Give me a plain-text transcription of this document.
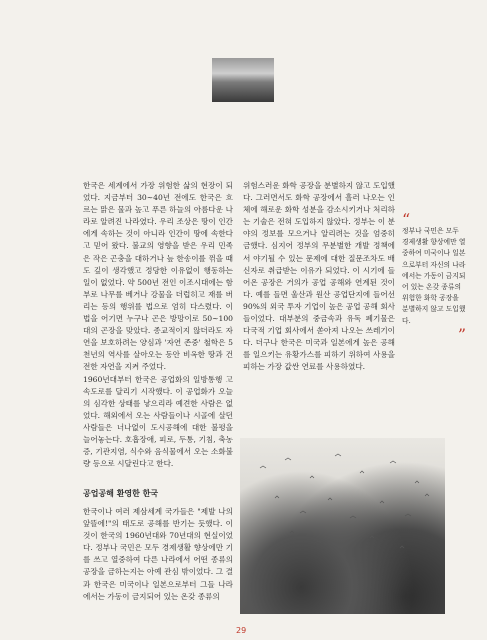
한국은 세계에서 가장 위험한 삶의 현장이 되었다. 지금부터 30∼40년 전에도 한국은 흐르는 맑은 물과 높고 푸른 하늘의 아름다운 나라로 알려진 나라였다. 우리 조상은 땅이 인간에게 속하는 것이 아니라 인간이 땅에 속한다고 믿어 왔다. 불교의 영향을 받은 우리 민족은 작은 곤충을 대하거나 늪 한송이를 꺾을 때도 깊이 생각했고 정당한 이유없이 행동하는 일이 없었다. 약 500년 전인 이조시대에는 함부로 나무를 베거나 강물을 더럽히고 재를 버리는 등의 행위를 법으로 엄히 다스렸다. 이 법을 어기면 누구나 곤은 방망이로 50∼100대의 곤장을 맞았다. 종교적이지 않더라도 자연을 보호하려는 양심과 '자연 존중' 철학은 5천년의 역사를 살아오는 동안 비옥한 땅과 건전한 자연을 지켜 주었다.

1960년대부터 한국은 공업화의 일방통행 고속도로를 달리기 시작했다. 이 공업화가 오늘의 심각한 상태를 낳으리라 예견한 사람은 없었다. 해외에서 오는 사람들이나 시골에 살던 사람들은 너나없이 도시공해에 대한 불평을 늘어놓는다. 호흡장애, 피로, 두통, 기침, 축농증, 기관지염, 식수와 음식물에서 오는 소화불량 등으로 시달린다고 한다.

공업공해 환영한 한국

한국이나 여러 제삼세계 국가들은 "제발 나의 앞뜰에!"의 태도로 공해를 반기는 듯했다. 이것이 한국의 1960년대와 70년대의 현실이었다. 정부나 국민은 모두 경제생활 향상에만 기를 쓰고 열중하여 다른 나라에서 어떤 종류의 공장을 금하는지는 아예 관심 밖이었다. 그 결과 한국은 미국이나 일본으로부터 그들 나라에서는 가동이 금지되어 있는 온갖 종류의

위험스러운 화학 공장을 분별하지 않고 도입했다. 그러면서도 화학 공장에서 흘러 나오는 인체에 해로운 화학 성분을 감소시키거나 처리하는 기술은 전혀 도입하지 않았다. 정부는 이 분야의 정보를 모으거나 알리려는 것을 엄중히 금했다. 심지어 정부의 무분별한 개발 정책에서 야기될 수 있는 문제에 대한 질문조차도 배신자로 취급받는 이유가 되었다. 이 시기에 들어온 공장은 거의가 공업 공해와 연계된 것이다. 예를 들면 울산과 원산 공업단지에 들어선 90%의 외국 투자 기업이 높은 공업 공해 회사들이었다. 대부분의 중금속과 유독 폐기물은 다국적 기업 회사에서 쏟아져 나오는 쓰레기이다. 더구나 한국은 미국과 일본에게 높은 공해를 일으키는 유황가스를 피하기 위하여 사용을 피하는 가장 값싼 연료를 사용하였다.

“
정부나 국민은 모두 경제생활 향상에만 열중하여 미국이나 일본으로부터 자신의 나라에서는 가동이 금지되어 있는 온갖 종류의 위험한 화학 공장을 분별하지 않고 도입했다.
”
29
